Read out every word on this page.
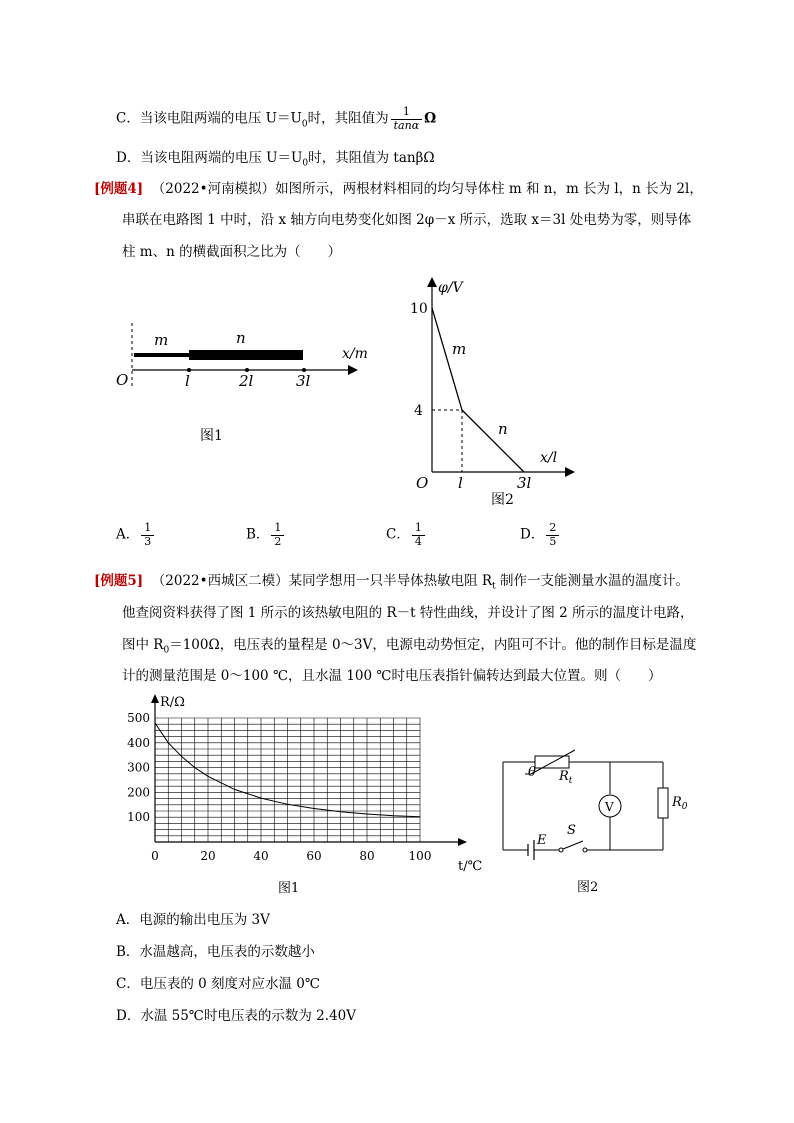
C．当该电阻两端的电压 $U=U_0$时，其阻值为 $\frac{1}{\tan\alpha}$ Ω
D．当该电阻两端的电压 $U=U_0$时，其阻值为 tanβΩ
[例题4] （2022•河南模拟）如图所示，两根材料相同的均匀导体柱 m 和 n，m 长为 l，n 长为 2l，
串联在电路图 1 中时，沿 x 轴方向电势变化如图 2φ－x 所示，选取 x＝3l 处电势为零，则导体
柱 m、n 的横截面积之比为（　　）
m	n
x/m
O	l	2l	3l
图1
φ/V
10
4
m
n
x/l
O l	3l
图2
A． $\frac{1}{3}$	B． $\frac{1}{2}$	C． $\frac{1}{4}$	D． $\frac{2}{5}$
[例题5] （2022•西城区二模）某同学想用一只半导体热敏电阻 $R_t$ 制作一支能测量水温的温度计。
他查阅资料获得了图 1 所示的该热敏电阻的 R－t 特性曲线，并设计了图 2 所示的温度计电路，
图中 $R_0=100\Omega$，电压表的量程是 0～3V，电源电动势恒定，内阻可不计。他的制作目标是温度
计的测量范围是 0～100 ℃，且水温 100 ℃时电压表指针偏转达到最大位置。则（　　）
R/Ω
t/℃
0	20	40	60	80	100
100
200
300
400
500
图1
V
θ $R_t$
$R_0$
E
S
图2
A．电源的输出电压为 3V
B．水温越高，电压表的示数越小
C．电压表的 0 刻度对应水温 0℃
D．水温 55℃时电压表的示数为 2.40V
